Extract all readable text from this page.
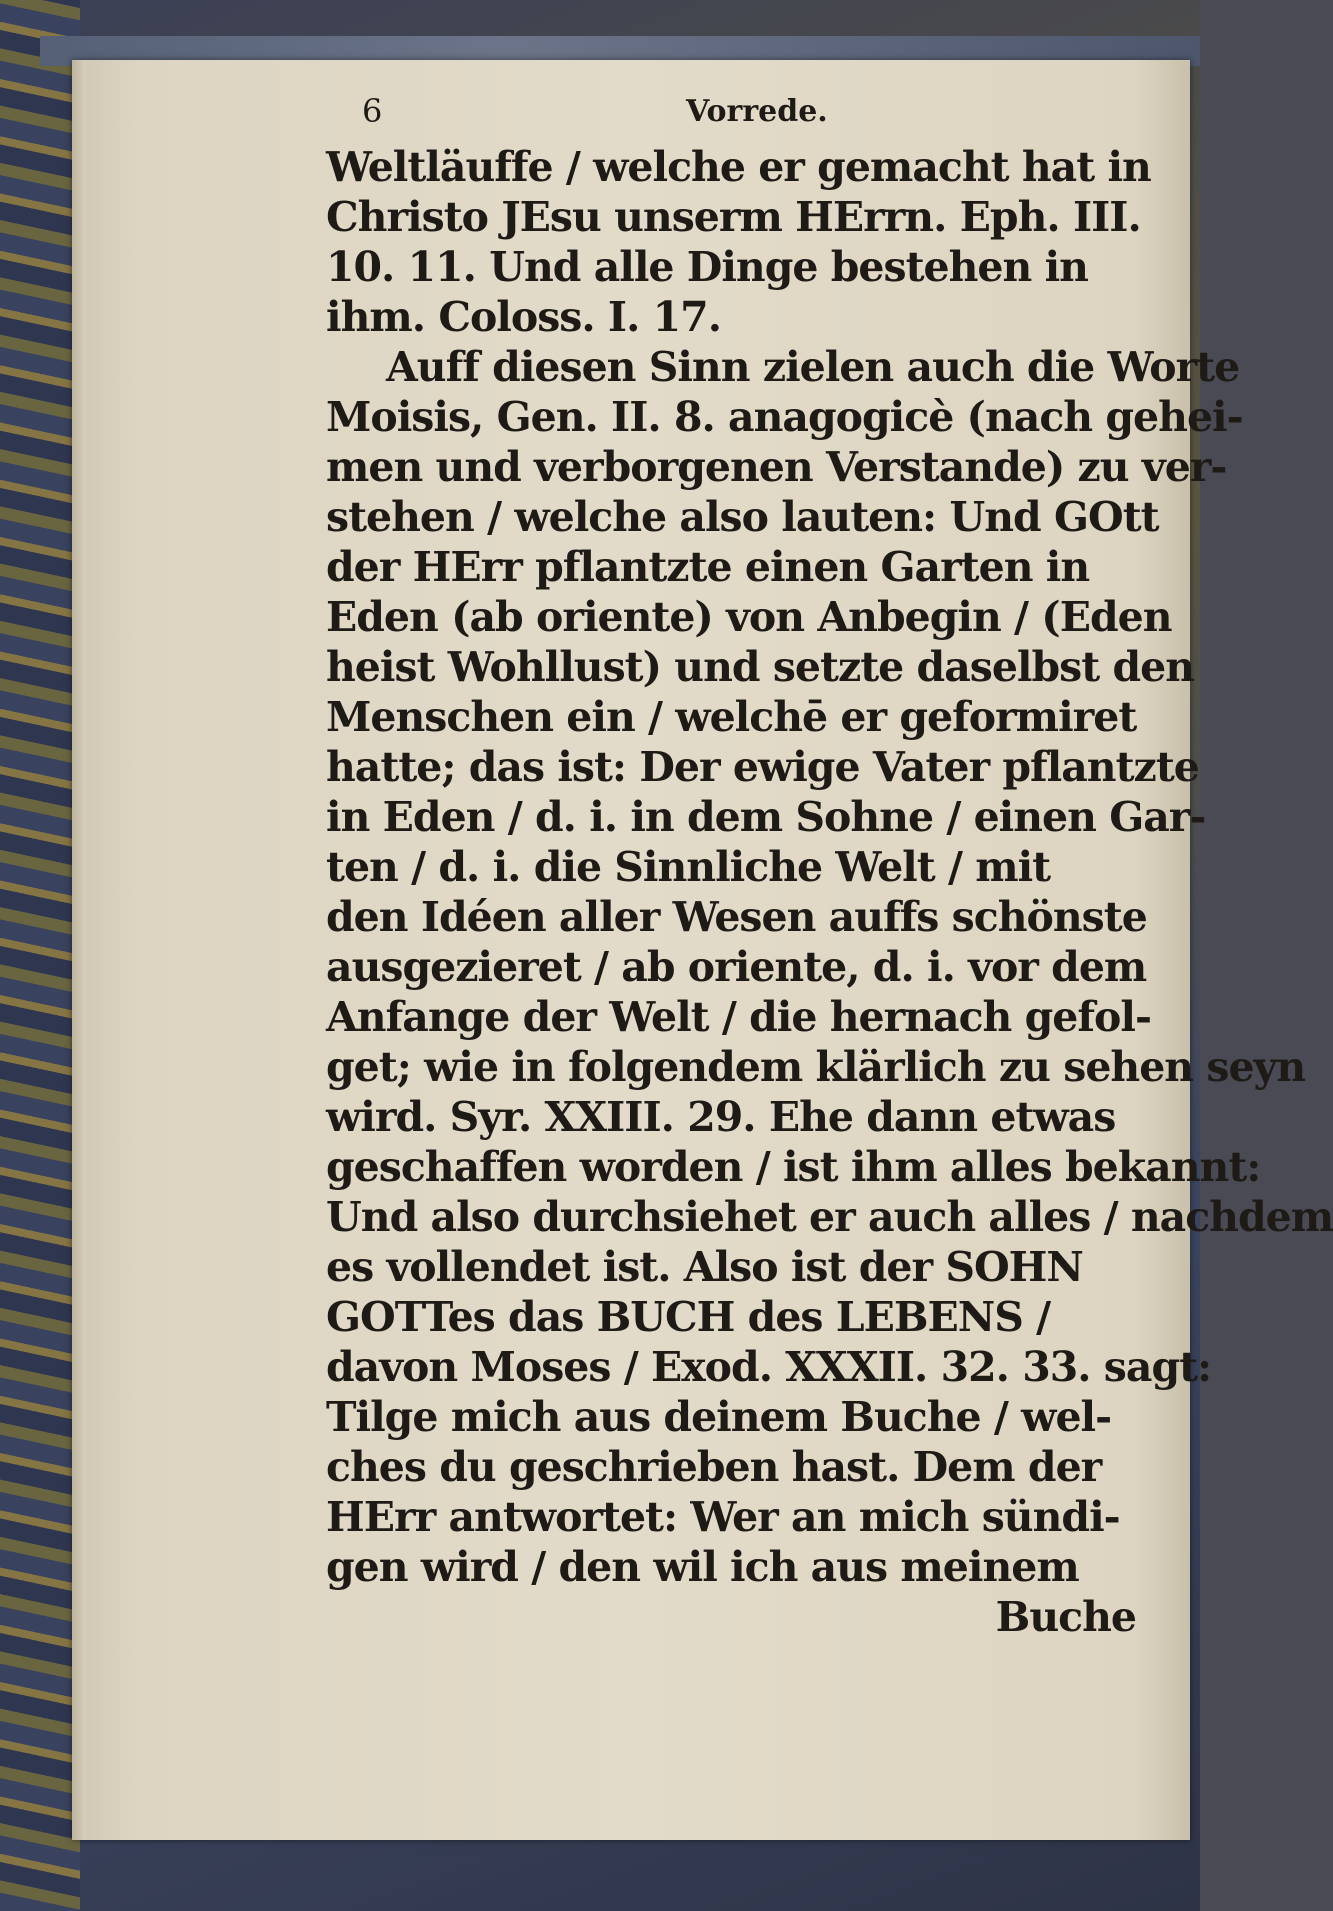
6	Vorrede.
Weltläuffe / welche er gemacht hat in
Christo JEsu unserm HErrn. Eph. III.
10. 11. Und alle Dinge bestehen in
ihm. Coloss. I. 17.
Auff diesen Sinn zielen auch die Worte
Moisis, Gen. II. 8. anagogicè (nach gehei-
men und verborgenen Verstande) zu ver-
stehen / welche also lauten: Und GOtt
der HErr pflantzte einen Garten in
Eden (ab oriente) von Anbegin / (Eden
heist Wohllust) und setzte daselbst den
Menschen ein / welchē er geformiret
hatte; das ist: Der ewige Vater pflantzte
in Eden / d. i. in dem Sohne / einen Gar-
ten / d. i. die Sinnliche Welt / mit
den Idéen aller Wesen auffs schönste
ausgezieret / ab oriente, d. i. vor dem
Anfange der Welt / die hernach gefol-
get; wie in folgendem klärlich zu sehen seyn
wird. Syr. XXIII. 29. Ehe dann etwas
geschaffen worden / ist ihm alles bekannt:
Und also durchsiehet er auch alles / nachdem
es vollendet ist. Also ist der SOHN
GOTTes das BUCH des LEBENS /
davon Moses / Exod. XXXII. 32. 33. sagt:
Tilge mich aus deinem Buche / wel-
ches du geschrieben hast. Dem der
HErr antwortet: Wer an mich sündi-
gen wird / den wil ich aus meinem
Buche
